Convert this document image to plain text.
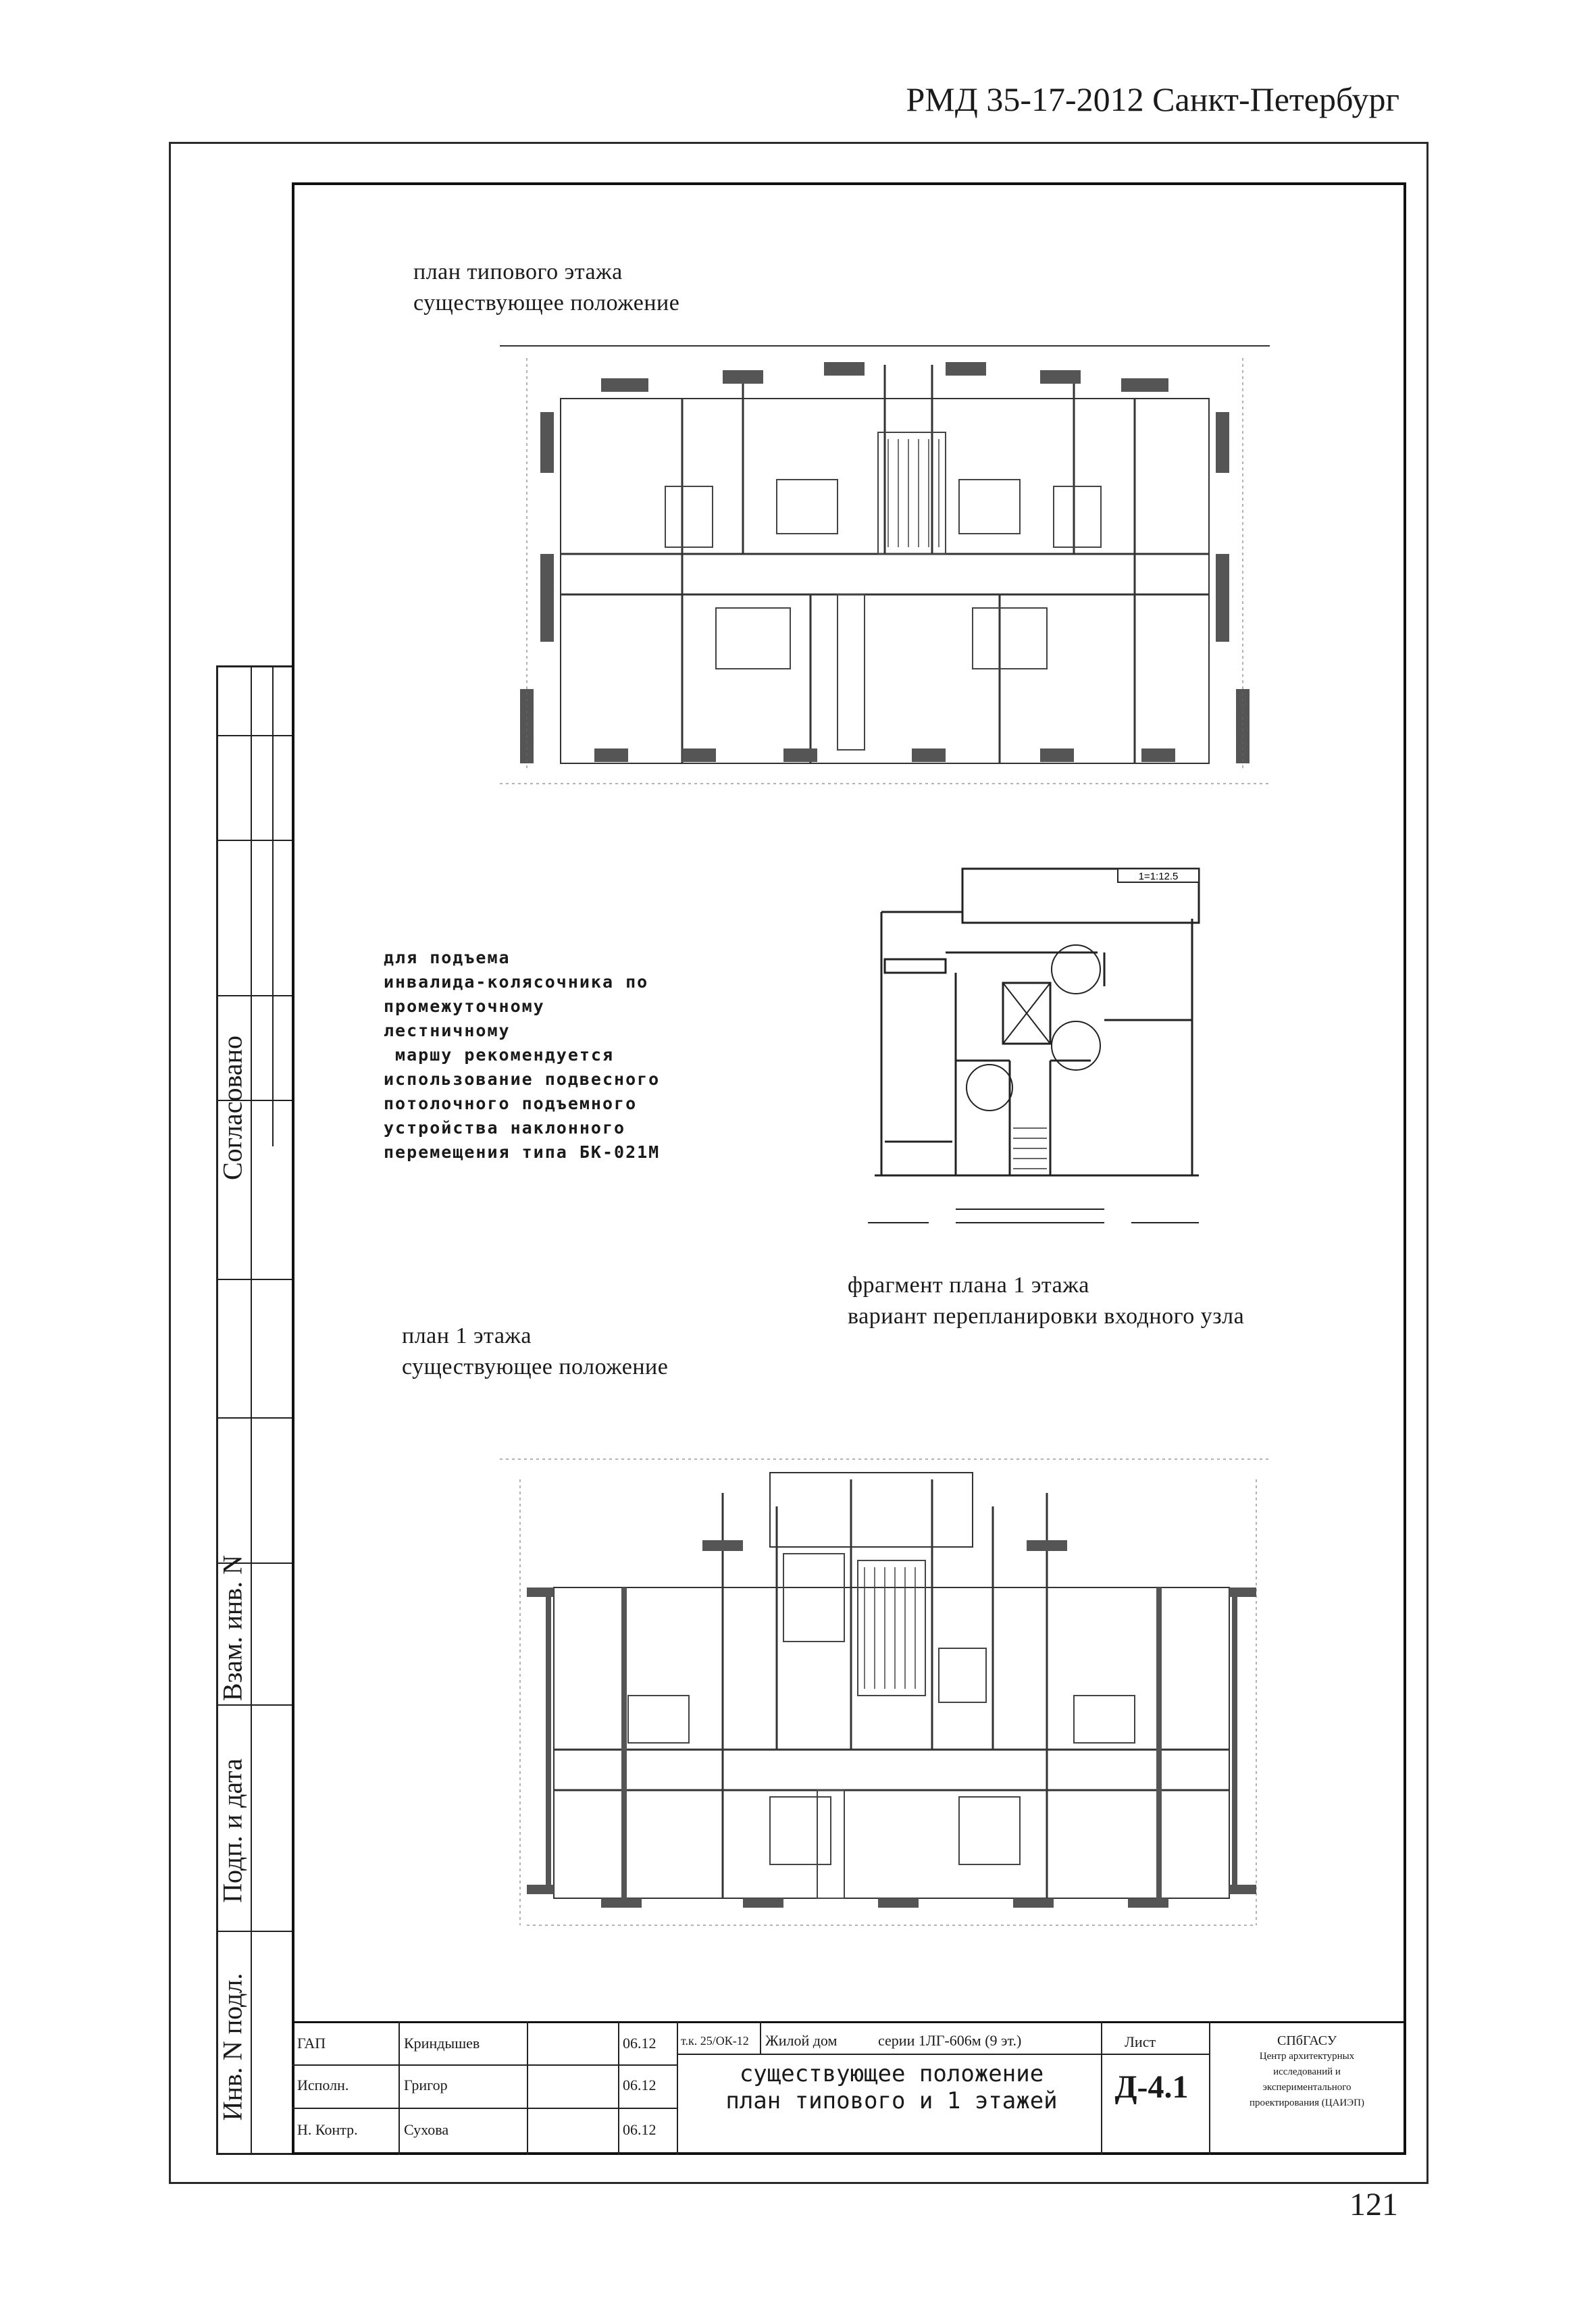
РМД 35-17-2012 Санкт-Петербург
Согласовано
Взам. инв. N
Подп. и дата
Инв. N подл.
план типового этажа
существующее положение
для подъема
инвалида-колясочника по
промежуточному
лестничному
маршу рекомендуется
использование подвесного
потолочного подъемного
устройства наклонного
перемещения типа БК-021М
1=1:12.5
фрагмент плана 1 этажа
вариант перепланировки входного узла
план 1 этажа
существующее положение
ГАП	Криндышев	06.12
Исполн.	Григор	06.12
Н. Контр.	Сухова	06.12
т.к. 25/ОК-12 Жилой дом	серии 1ЛГ-606м (9 эт.)	Лист
существующее положение
план типового и 1 этажей	Д-4.1
СПбГАСУ
Центр архитектурных
исследований и
экспериментального
проектирования (ЦАИЭП)
121
